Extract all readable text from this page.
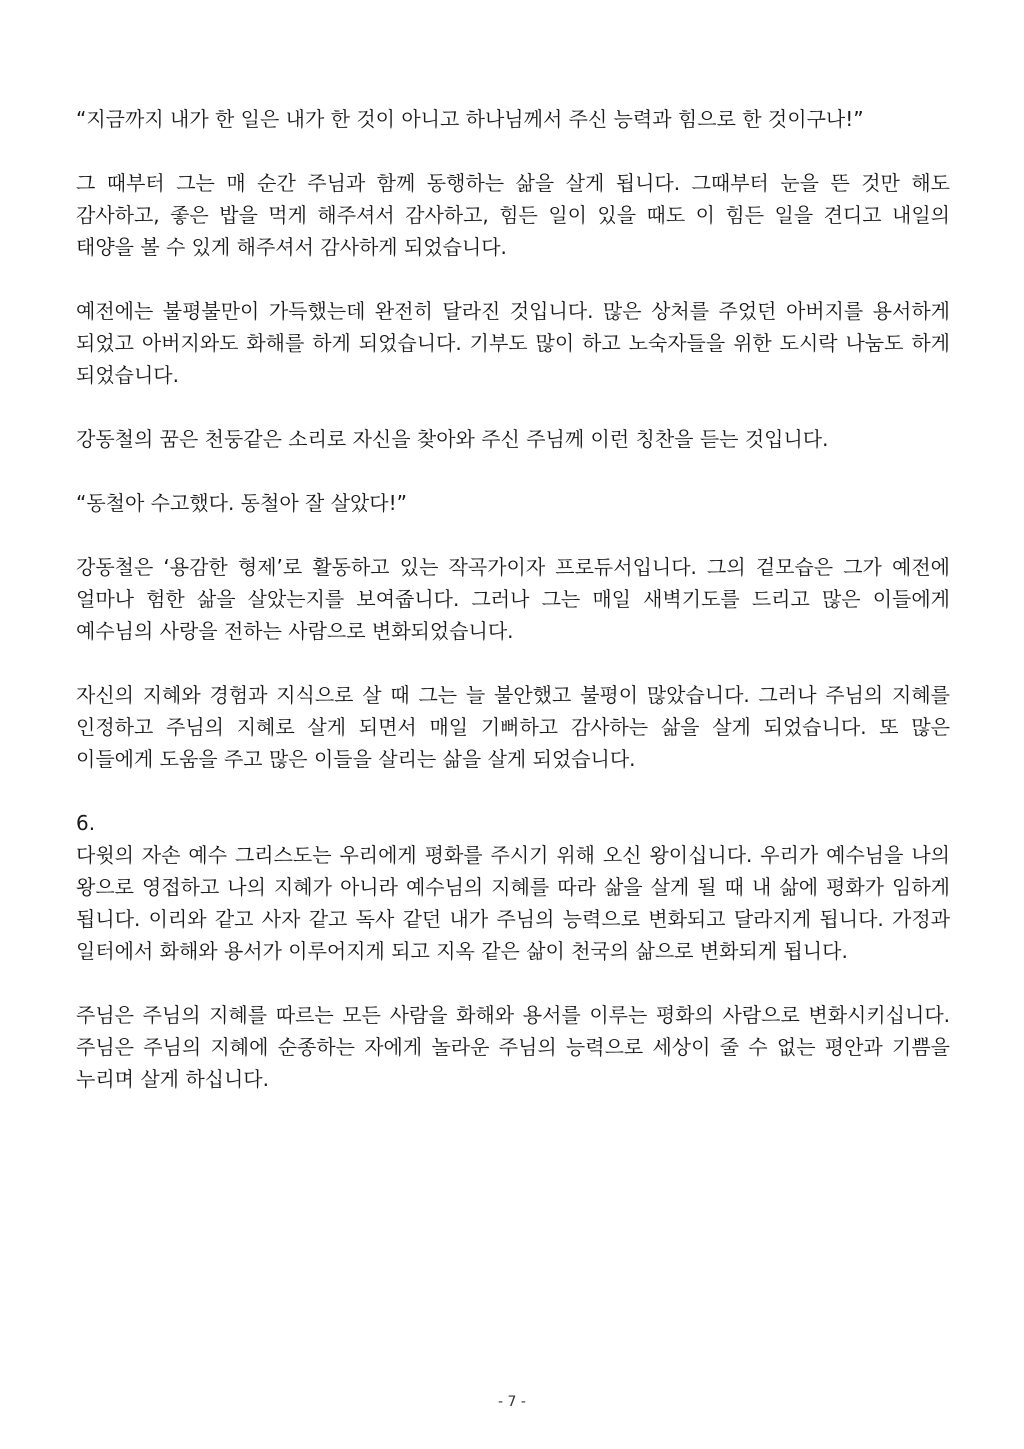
“지금까지 내가 한 일은 내가 한 것이 아니고 하나님께서 주신 능력과 힘으로 한 것이구나!”

그 때부터 그는 매 순간 주님과 함께 동행하는 삶을 살게 됩니다. 그때부터 눈을 뜬 것만 해도 감사하고, 좋은 밥을 먹게 해주셔서 감사하고, 힘든 일이 있을 때도 이 힘든 일을 견디고 내일의 태양을 볼 수 있게 해주셔서 감사하게 되었습니다.

예전에는 불평불만이 가득했는데 완전히 달라진 것입니다. 많은 상처를 주었던 아버지를 용서하게 되었고 아버지와도 화해를 하게 되었습니다. 기부도 많이 하고 노숙자들을 위한 도시락 나눔도 하게 되었습니다.

강동철의 꿈은 천둥같은 소리로 자신을 찾아와 주신 주님께 이런 칭찬을 듣는 것입니다.

“동철아 수고했다. 동철아 잘 살았다!”

강동철은 ‘용감한 형제’로 활동하고 있는 작곡가이자 프로듀서입니다. 그의 겉모습은 그가 예전에 얼마나 험한 삶을 살았는지를 보여줍니다. 그러나 그는 매일 새벽기도를 드리고 많은 이들에게 예수님의 사랑을 전하는 사람으로 변화되었습니다.

자신의 지혜와 경험과 지식으로 살 때 그는 늘 불안했고 불평이 많았습니다. 그러나 주님의 지혜를 인정하고 주님의 지혜로 살게 되면서 매일 기뻐하고 감사하는 삶을 살게 되었습니다. 또 많은 이들에게 도움을 주고 많은 이들을 살리는 삶을 살게 되었습니다.

6.

다윗의 자손 예수 그리스도는 우리에게 평화를 주시기 위해 오신 왕이십니다. 우리가 예수님을 나의 왕으로 영접하고 나의 지혜가 아니라 예수님의 지혜를 따라 삶을 살게 될 때 내 삶에 평화가 임하게 됩니다. 이리와 같고 사자 같고 독사 같던 내가 주님의 능력으로 변화되고 달라지게 됩니다. 가정과 일터에서 화해와 용서가 이루어지게 되고 지옥 같은 삶이 천국의 삶으로 변화되게 됩니다.

주님은 주님의 지혜를 따르는 모든 사람을 화해와 용서를 이루는 평화의 사람으로 변화시키십니다. 주님은 주님의 지혜에 순종하는 자에게 놀라운 주님의 능력으로 세상이 줄 수 없는 평안과 기쁨을 누리며 살게 하십니다.

- 7 -
